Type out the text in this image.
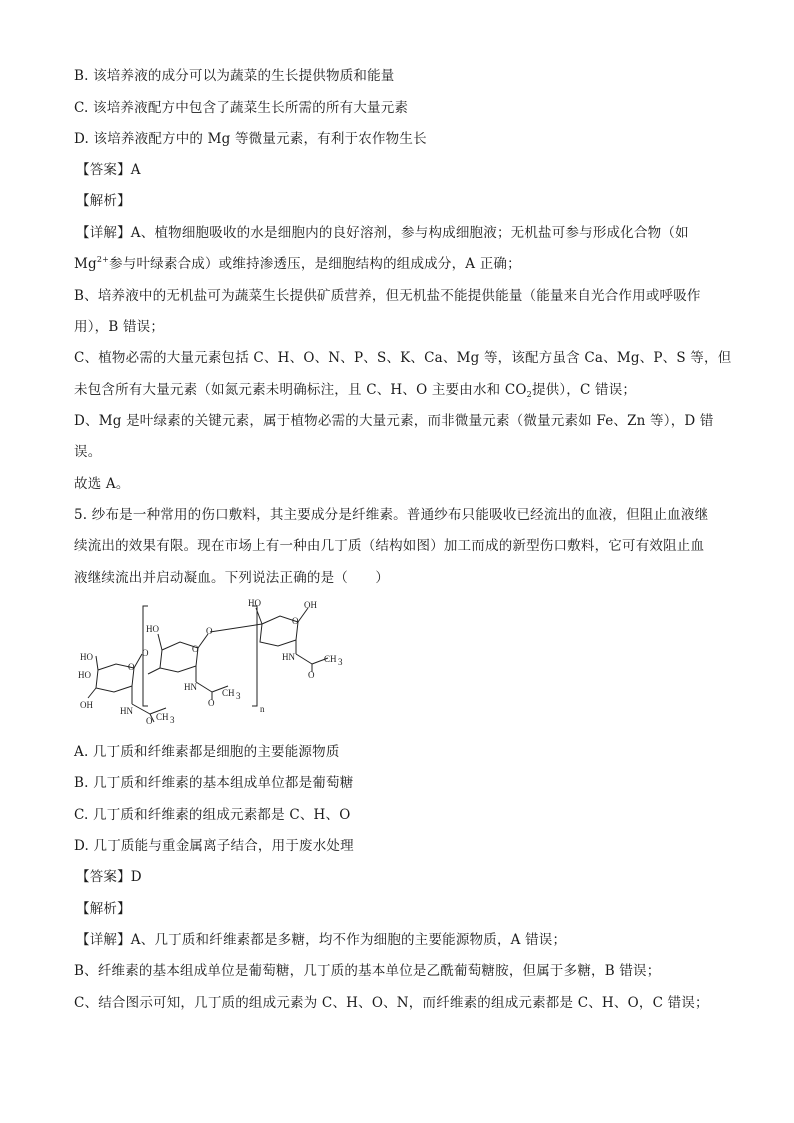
B. 该培养液的成分可以为蔬菜的生长提供物质和能量
C. 该培养液配方中包含了蔬菜生长所需的所有大量元素
D. 该培养液配方中的 Mg 等微量元素，有利于农作物生长
【答案】A
【解析】
【详解】A、植物细胞吸收的水是细胞内的良好溶剂，参与构成细胞液；无机盐可参与形成化合物（如
$Mg^{2+}$参与叶绿素合成）或维持渗透压，是细胞结构的组成成分，A 正确；
B、培养液中的无机盐可为蔬菜生长提供矿质营养，但无机盐不能提供能量（能量来自光合作用或呼吸作
用），B 错误；
C、植物必需的大量元素包括 C、H、O、N、P、S、K、Ca、Mg 等，该配方虽含 Ca、Mg、P、S 等，但
未包含所有大量元素（如氮元素未明确标注，且 C、H、O 主要由水和 $CO_2$提供），C 错误；
D、Mg 是叶绿素的关键元素，属于植物必需的大量元素，而非微量元素（微量元素如 Fe、Zn 等），D 错
误。
故选 A。
5. 纱布是一种常用的伤口敷料，其主要成分是纤维素。普通纱布只能吸收已经流出的血液，但阻止血液继
续流出的效果有限。现在市场上有一种由几丁质（结构如图）加工而成的新型伤口敷料，它可有效阻止血
液继续流出并启动凝血。下列说法正确的是（　　）
HO
HO
OH
O
O
HN
CH 3
O
HO
O
O
HN
CH 3
O
n
HO	OH
O
HN	CH 3
O
A. 几丁质和纤维素都是细胞的主要能源物质
B. 几丁质和纤维素的基本组成单位都是葡萄糖
C. 几丁质和纤维素的组成元素都是 C、H、O
D. 几丁质能与重金属离子结合，用于废水处理
【答案】D
【解析】
【详解】A、几丁质和纤维素都是多糖，均不作为细胞的主要能源物质，A 错误；
B、纤维素的基本组成单位是葡萄糖，几丁质的基本单位是乙酰葡萄糖胺，但属于多糖，B 错误；
C、结合图示可知，几丁质的组成元素为 C、H、O、N，而纤维素的组成元素都是 C、H、O，C 错误；
